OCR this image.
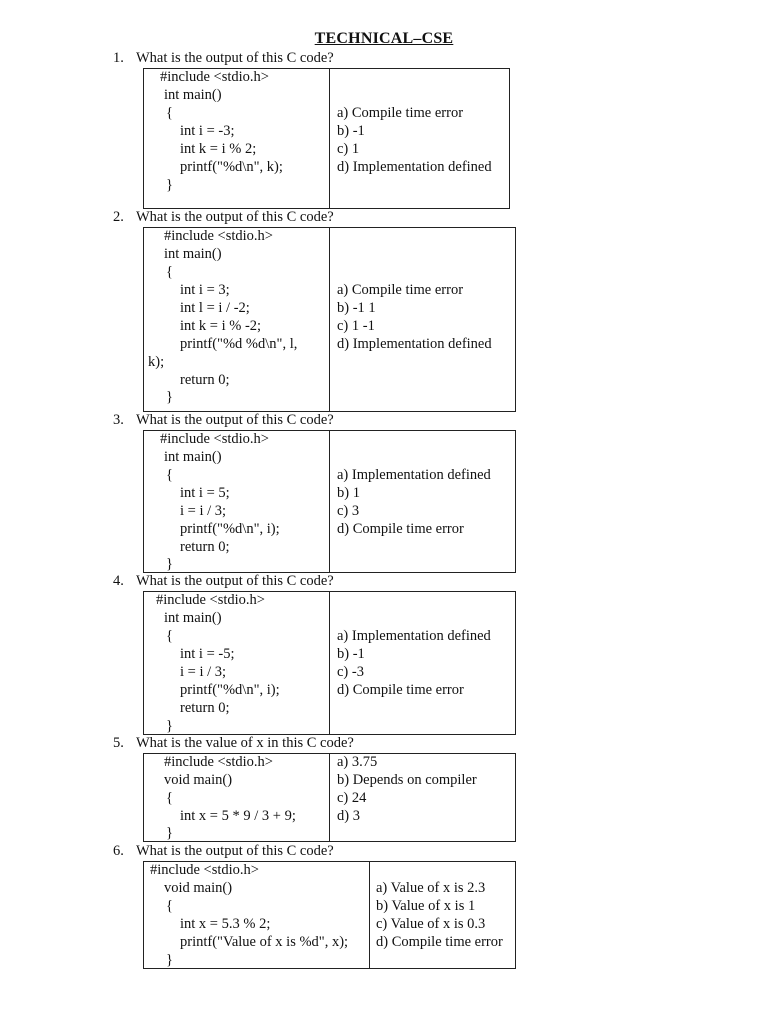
TECHNICAL–CSE
1. What is the output of this C code?
#include <stdio.h>
int main()
{
int i = -3;
int k = i % 2;
printf("%d\n", k);
}
a) Compile time error
b) -1
c) 1
d) Implementation defined
2. What is the output of this C code?
#include <stdio.h>
int main()
{
int i = 3;
int l = i / -2;
int k = i % -2;
printf("%d %d\n", l,
k);
return 0;
}
a) Compile time error
b) -1 1
c) 1 -1
d) Implementation defined
3. What is the output of this C code?
#include <stdio.h>
int main()
{
int i = 5;
i = i / 3;
printf("%d\n", i);
return 0;
}
a) Implementation defined
b) 1
c) 3
d) Compile time error
4. What is the output of this C code?
#include <stdio.h>
int main()
{
int i = -5;
i = i / 3;
printf("%d\n", i);
return 0;
}
a) Implementation defined
b) -1
c) -3
d) Compile time error
5. What is the value of x in this C code?
#include <stdio.h>
void main()
{
int x = 5 * 9 / 3 + 9;
}
a) 3.75
b) Depends on compiler
c) 24
d) 3
6. What is the output of this C code?
#include <stdio.h>
void main()
{
int x = 5.3 % 2;
printf("Value of x is %d", x);
}
a) Value of x is 2.3
b) Value of x is 1
c) Value of x is 0.3
d) Compile time error
